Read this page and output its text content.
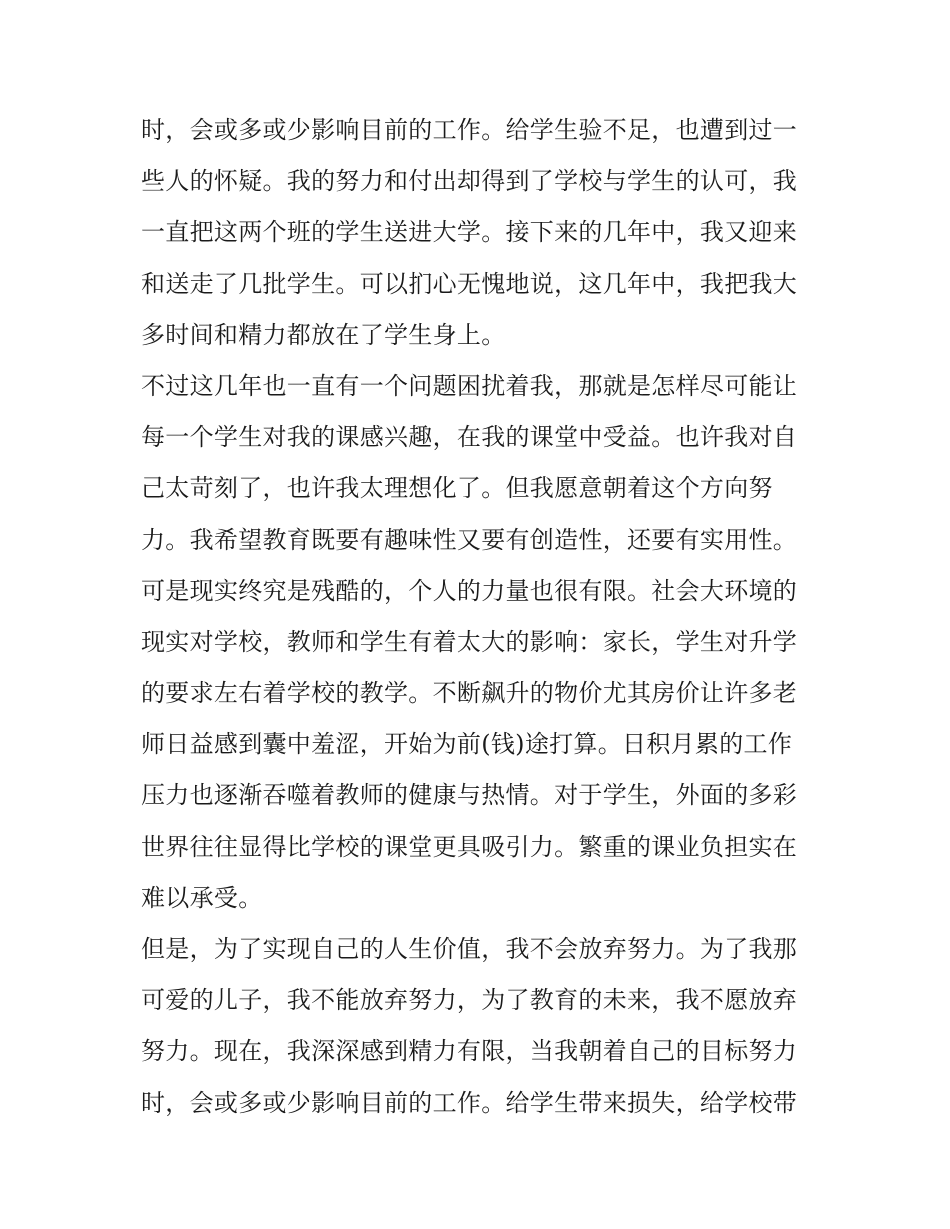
时，会或多或少影响目前的工作。给学生验不足，也遭到过一
些人的怀疑。我的努力和付出却得到了学校与学生的认可，我
一直把这两个班的学生送进大学。接下来的几年中，我又迎来
和送走了几批学生。可以扪心无愧地说，这几年中，我把我大
多时间和精力都放在了学生身上。
不过这几年也一直有一个问题困扰着我，那就是怎样尽可能让
每一个学生对我的课感兴趣，在我的课堂中受益。也许我对自
己太苛刻了，也许我太理想化了。但我愿意朝着这个方向努
力。我希望教育既要有趣味性又要有创造性，还要有实用性。
可是现实终究是残酷的，个人的力量也很有限。社会大环境的
现实对学校，教师和学生有着太大的影响：家长，学生对升学
的要求左右着学校的教学。不断飙升的物价尤其房价让许多老
师日益感到囊中羞涩，开始为前(钱)途打算。日积月累的工作
压力也逐渐吞噬着教师的健康与热情。对于学生，外面的多彩
世界往往显得比学校的课堂更具吸引力。繁重的课业负担实在
难以承受。
但是，为了实现自己的人生价值，我不会放弃努力。为了我那
可爱的儿子，我不能放弃努力，为了教育的未来，我不愿放弃
努力。现在，我深深感到精力有限，当我朝着自己的目标努力
时，会或多或少影响目前的工作。给学生带来损失，给学校带
